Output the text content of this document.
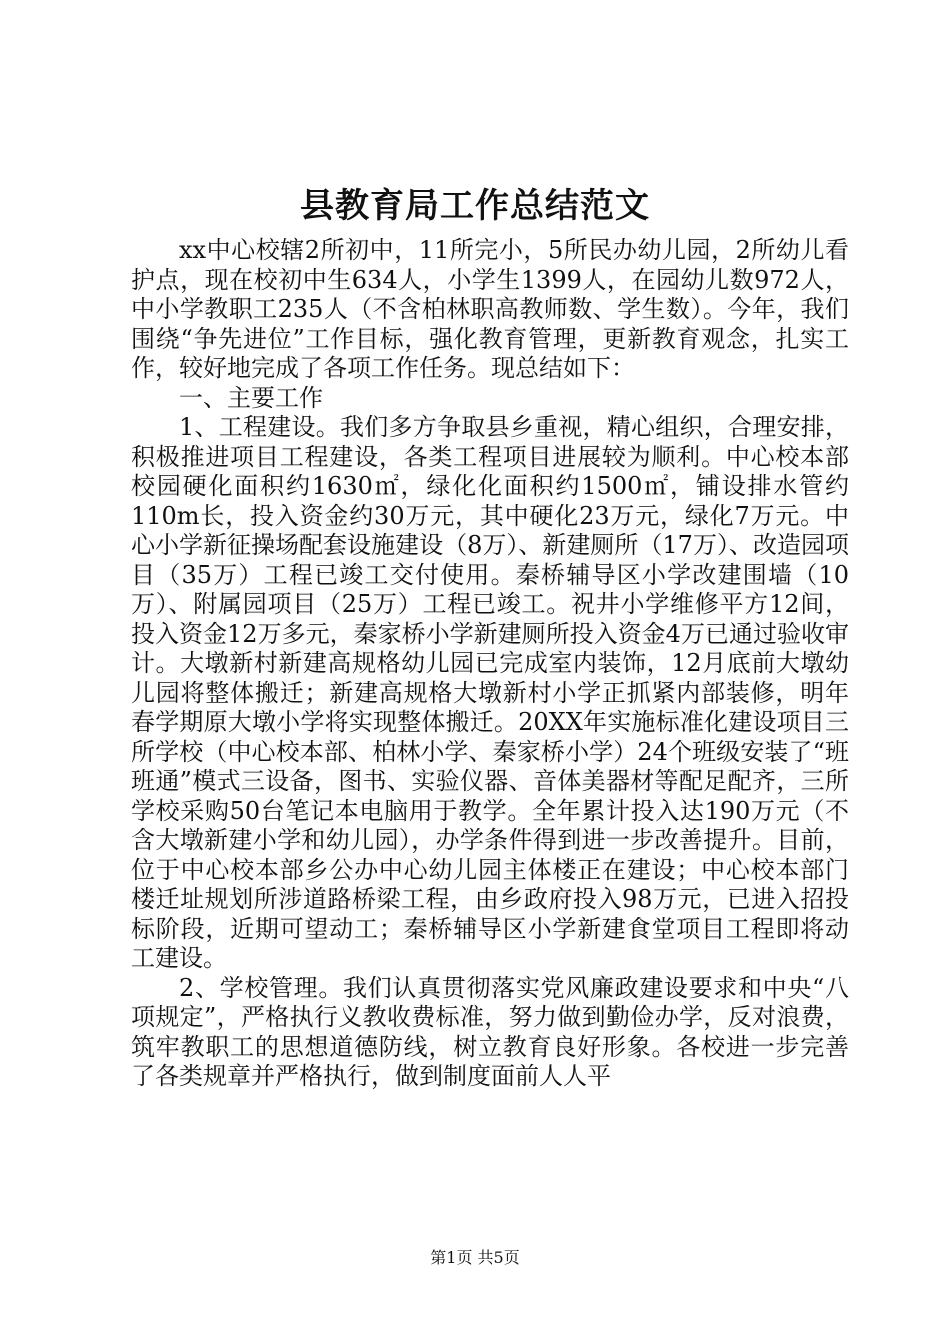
县教育局工作总结范文

xx中心校辖2所初中，11所完小，5所民办幼儿园，2所幼儿看护点，现在校初中生634人，小学生1399人，在园幼儿数972人，中小学教职工235人（不含柏林职高教师数、学生数）。今年，我们围绕“争先进位”工作目标，强化教育管理，更新教育观念，扎实工作，较好地完成了各项工作任务。现总结如下：

一、主要工作

1、工程建设。我们多方争取县乡重视，精心组织，合理安排，积极推进项目工程建设，各类工程项目进展较为顺利。中心校本部校园硬化面积约1630㎡，绿化化面积约1500㎡，铺设排水管约110m长，投入资金约30万元，其中硬化23万元，绿化7万元。中心小学新征操场配套设施建设（8万）、新建厕所（17万）、改造园项目（35万）工程已竣工交付使用。秦桥辅导区小学改建围墙（10万）、附属园项目（25万）工程已竣工。祝井小学维修平方12间，投入资金12万多元，秦家桥小学新建厕所投入资金4万已通过验收审计。大墩新村新建高规格幼儿园已完成室内装饰，12月底前大墩幼儿园将整体搬迁；新建高规格大墩新村小学正抓紧内部装修，明年春学期原大墩小学将实现整体搬迁。20XX年实施标准化建设项目三所学校（中心校本部、柏林小学、秦家桥小学）24个班级安装了“班班通”模式三设备，图书、实验仪器、音体美器材等配足配齐，三所学校采购50台笔记本电脑用于教学。全年累计投入达190万元（不含大墩新建小学和幼儿园），办学条件得到进一步改善提升。目前，位于中心校本部乡公办中心幼儿园主体楼正在建设；中心校本部门楼迁址规划所涉道路桥梁工程，由乡政府投入98万元，已进入招投标阶段，近期可望动工；秦桥辅导区小学新建食堂项目工程即将动工建设。

2、学校管理。我们认真贯彻落实党风廉政建设要求和中央“八项规定”，严格执行义教收费标准，努力做到勤俭办学，反对浪费，筑牢教职工的思想道德防线，树立教育良好形象。各校进一步完善了各类规章并严格执行，做到制度面前人人平

第1页 共5页
